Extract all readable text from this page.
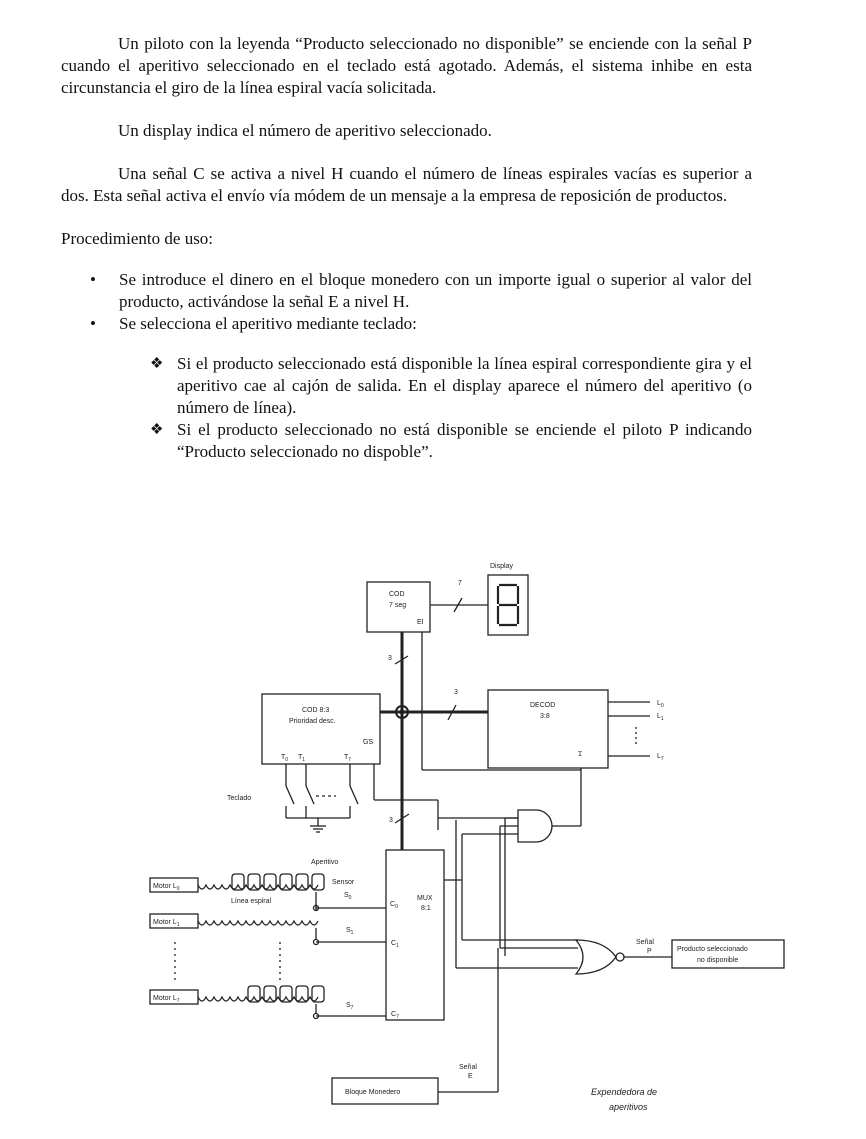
Un piloto con la leyenda “Producto seleccionado no disponible” se enciende con la señal P cuando el aperitivo seleccionado en el teclado está agotado. Además, el sistema inhibe en esta circunstancia el giro de la línea espiral vacía solicitada.

Un display indica el número de aperitivo seleccionado.

Una señal C se activa a nivel H cuando el número de líneas espirales vacías es superior a dos. Esta señal activa el envío vía módem de un mensaje a la empresa de reposición de productos.

Procedimiento de uso:

• Se introduce el dinero en el bloque monedero con un importe igual o superior al valor del producto, activándose la señal E a nivel H.
• Se selecciona el aperitivo mediante teclado:
❖ Si el producto seleccionado está disponible la línea espiral correspondiente gira y el aperitivo cae al cajón de salida. En el display aparece el número del aperitivo (o número de línea).
❖ Si el producto seleccionado no está disponible se enciende el piloto P indicando “Producto seleccionado no dispoble”.
Display
COD
7 seg
EI
7
3
3
3
COD 8:3
Prioridad desc.
GS
$T_0$ $T_1$	$T_7$
DECOD
3:8
1
$L_0$
$L_1$
$L_7$
Teclado
Aperitivo
Sensor
$S_0$
$S_1$
$S_7$
Motor $L_0$
Motor $L_1$
Motor $L_7$
Línea espiral	MUX
8:1
$C_0$
$C_1$
$C_7$
Señal
P	Producto seleccionado
no disponible
Señal
E
Bloque Monedero	Expendedora de
aperitivos
